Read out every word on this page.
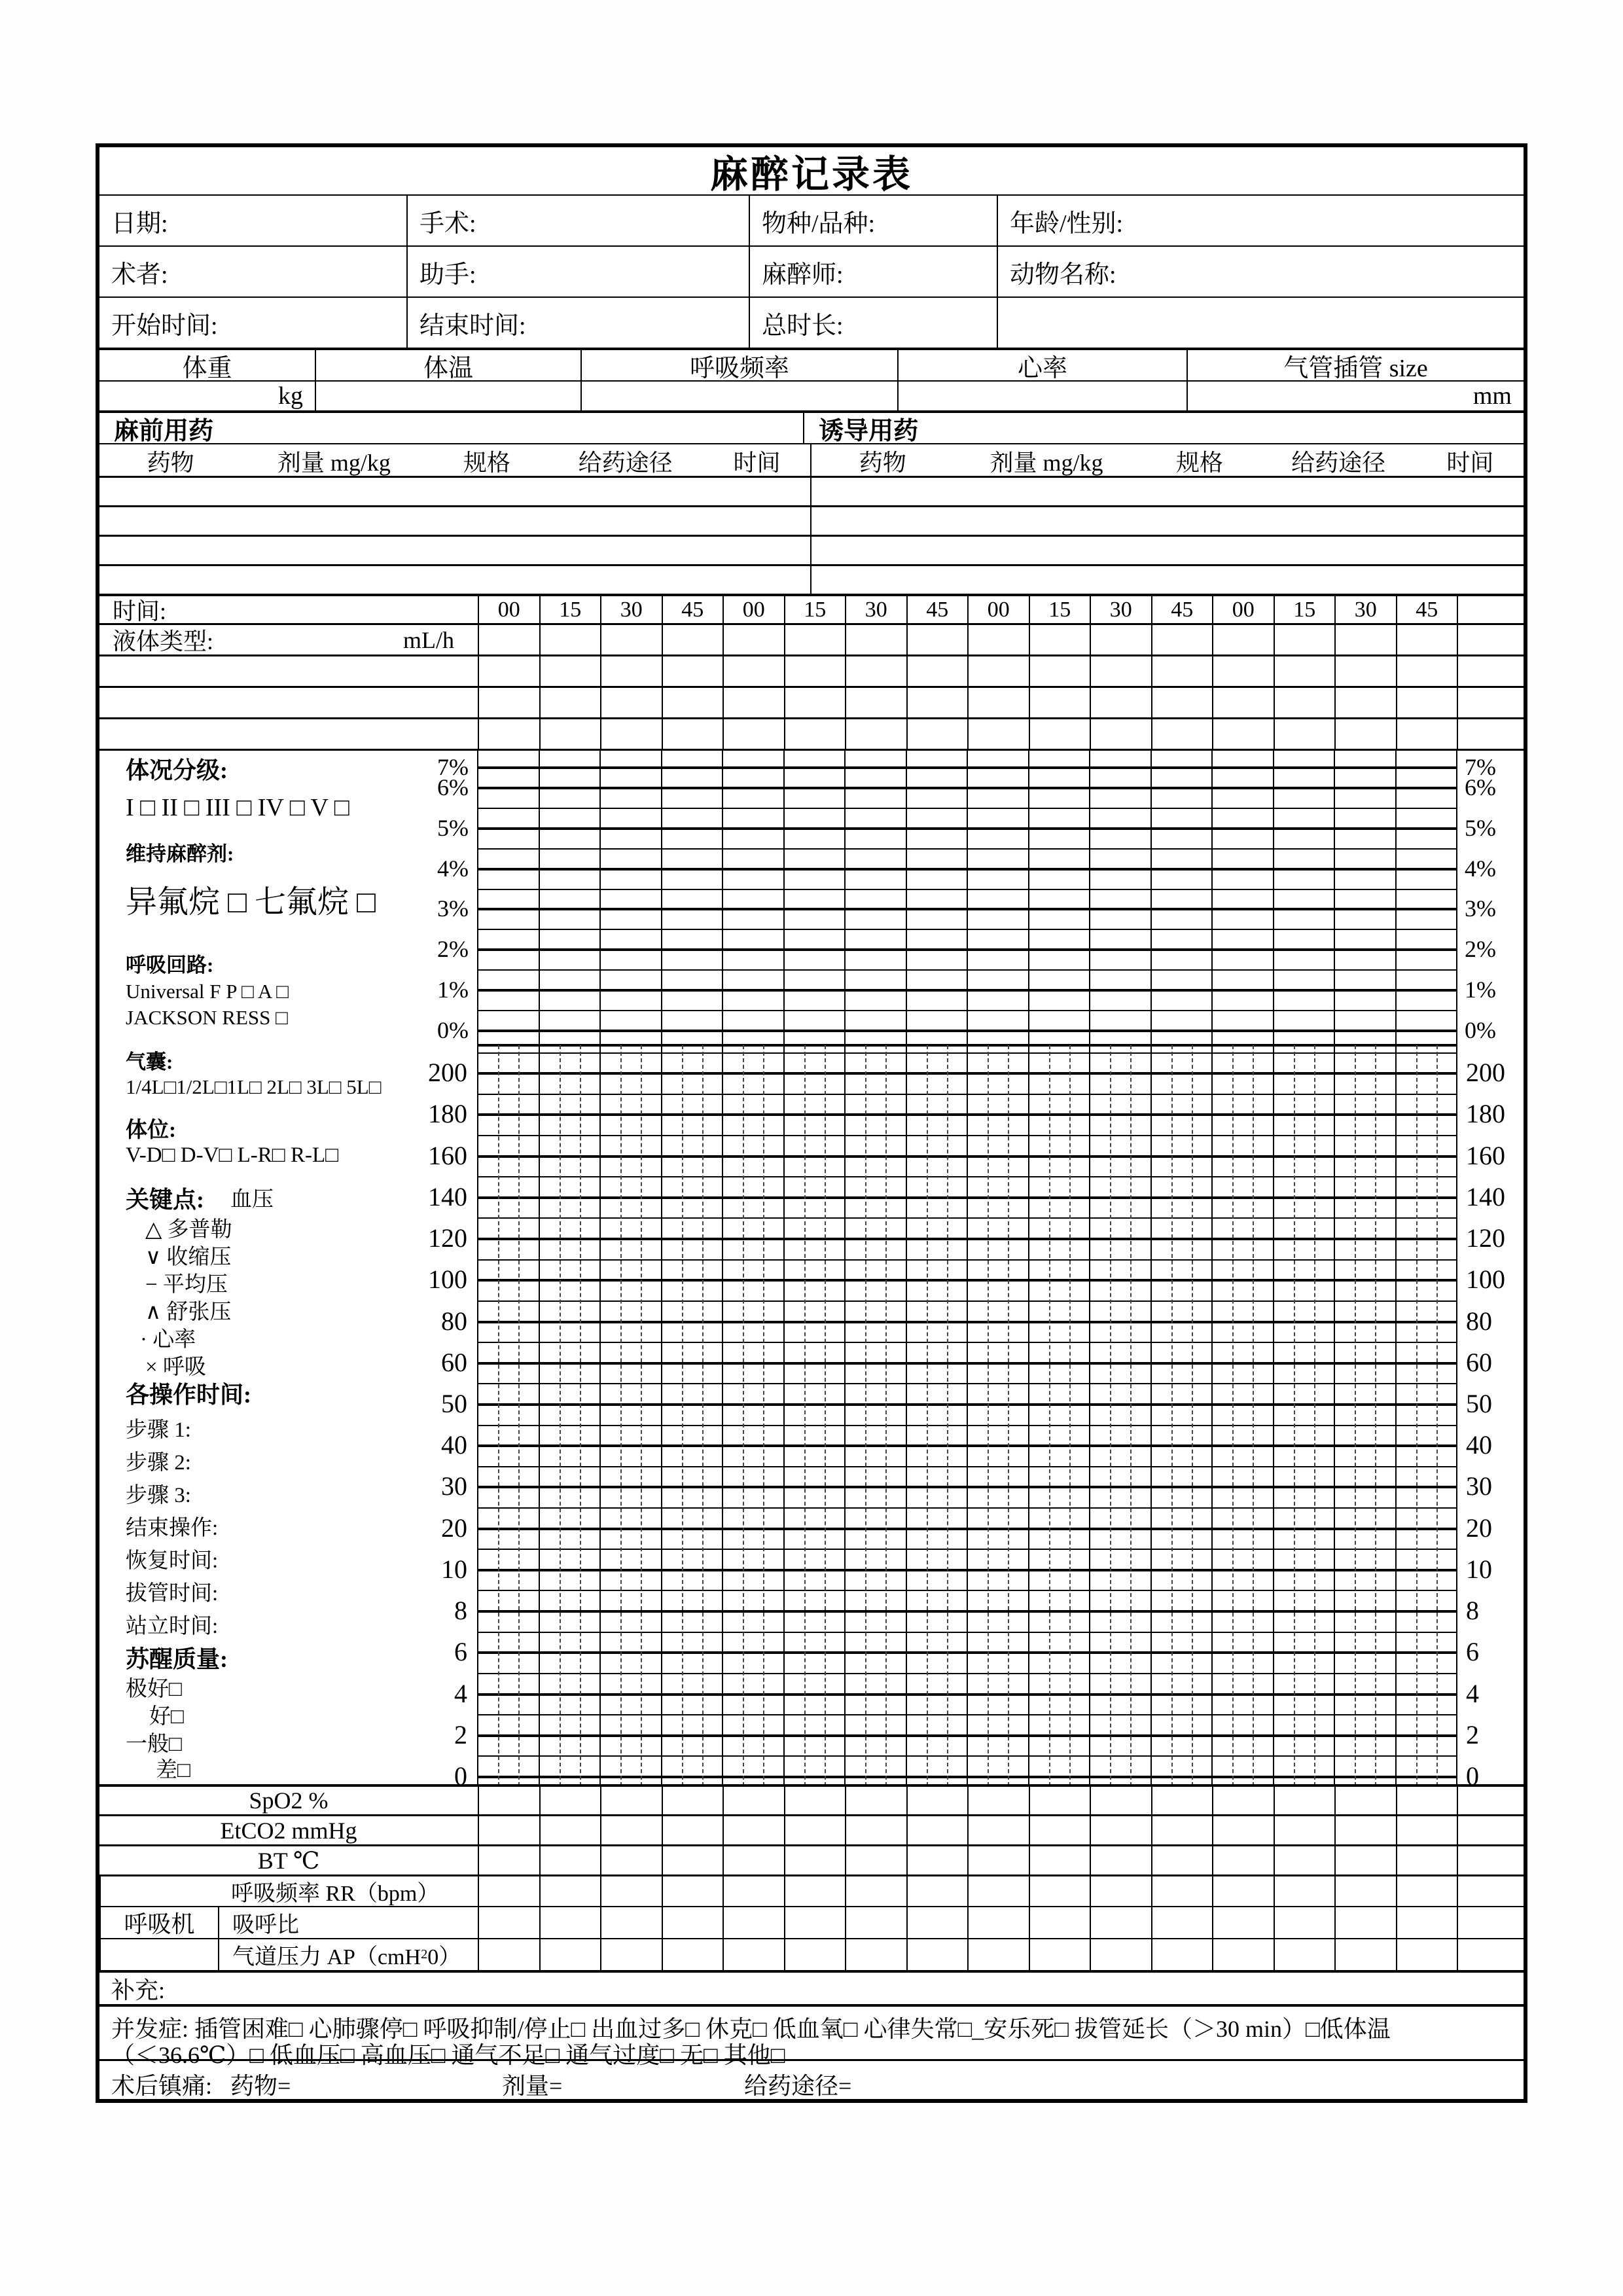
麻醉记录表
日期:	手术:	物种/品种:	年龄/性别:
术者:	助手:	麻醉师:	动物名称:
开始时间:	结束时间:	总时长:
体重	体温	呼吸频率	心率	气管插管 size
kg	mm
麻前用药	诱导用药
药物	剂量 mg/kg	规格	给药途径	时间	药物	剂量 mg/kg	规格	给药途径	时间
时间:	00	15	30	45	00	15	30	45	00	15	30	45	00	15	30	45
液体类型:	mL/h
7%	7%
6%	6%
5%	5%
4%	4%
3%	3%
2%	2%
1%	1%
0%	0%
200	200
180	180
160	160
140	140
120	120
100	100
80	80
60	60
50	50
40	40
30	30
20	20
10	10
8	8
6	6
4	4
2	2
0	0
体况分级:
I □ II □ III □ IV □ V □
维持麻醉剂:
异氟烷 □ 七氟烷 □
呼吸回路:
Universal F P □ A □
JACKSON RESS □
气囊:
1/4L□1/2L□1L□ 2L□ 3L□ 5L□
体位:
V-D□ D-V□ L-R□ R-L□
关键点: 血压
△ 多普勒
∨ 收缩压
− 平均压
∧ 舒张压
· 心率
× 呼吸
各操作时间:
步骤 1:
步骤 2:
步骤 3:
结束操作:
恢复时间:
拔管时间:
站立时间:
苏醒质量:
极好□
好□
一般□
差□
SpO2 %
EtCO2 mmHg
BT ℃
呼吸频率 RR（bpm）
呼吸机	吸呼比
气道压力 AP（cmH 2 0）
补充:
并发症: 插管困难□ 心肺骤停□ 呼吸抑制/停止□ 出血过多□ 休克□ 低血氧□ 心律失常□_安乐死□ 拔管延长（＞30 min）□低体温
（＜36.6℃）□ 低血压□ 高血压□ 通气不足□ 通气过度□ 无□ 其他□
术后镇痛: 药物=	剂量=	给药途径=
